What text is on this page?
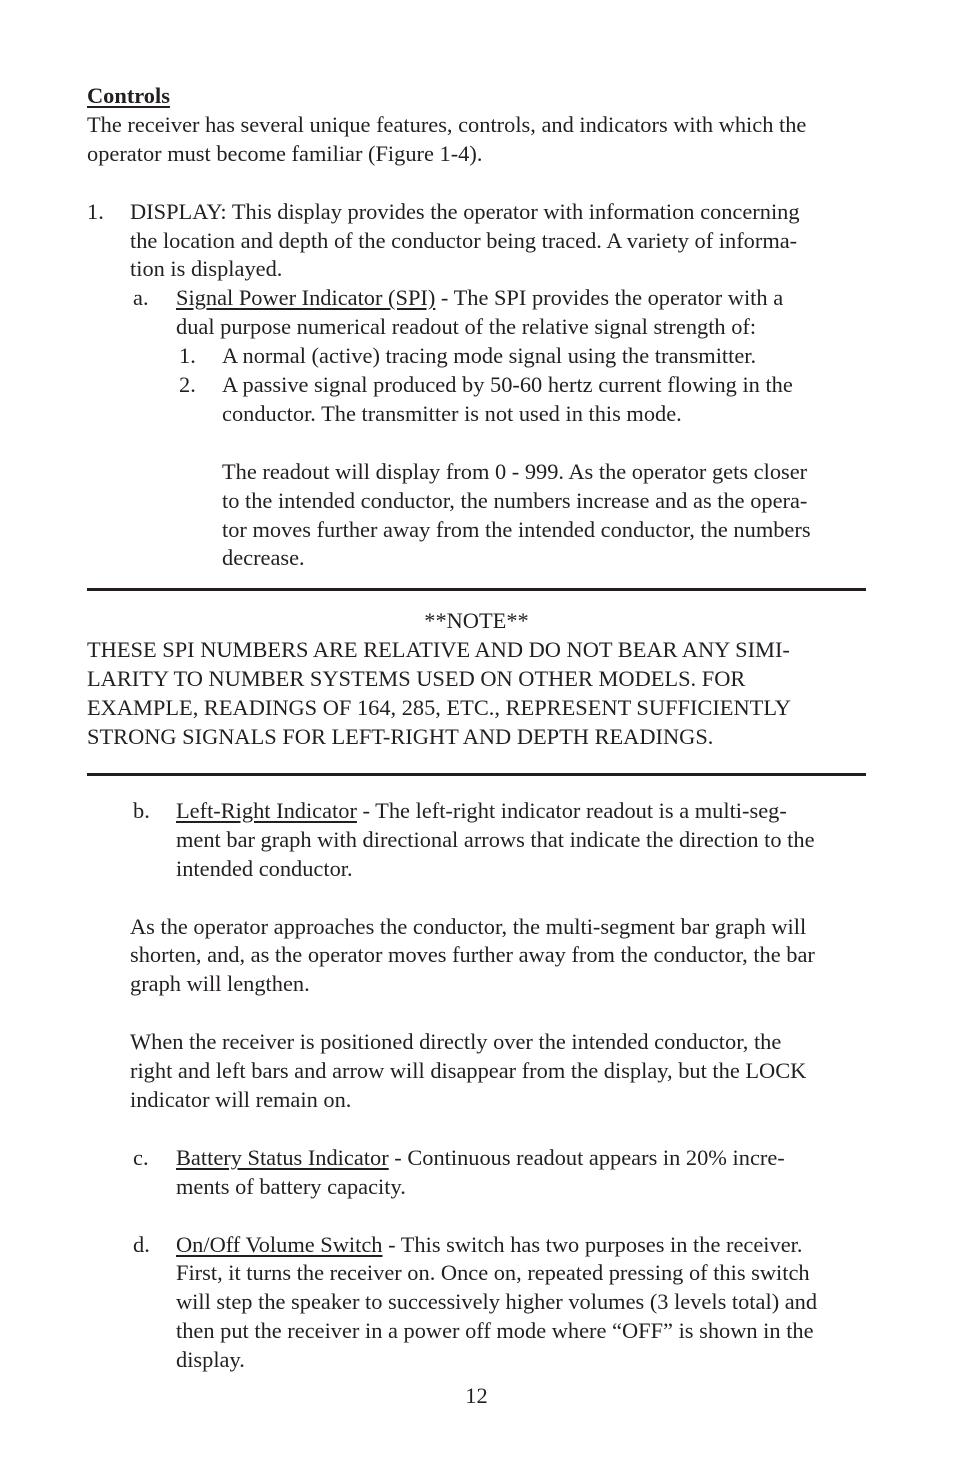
Controls
The receiver has several unique features, controls, and indicators with which the
operator must become familiar (Figure 1-4).
1. DISPLAY: This display provides the operator with information concerning
the location and depth of the conductor being traced. A variety of informa-
tion is displayed.
a. Signal Power Indicator (SPI) - The SPI provides the operator with a
dual purpose numerical readout of the relative signal strength of:
1. A normal (active) tracing mode signal using the transmitter.
2. A passive signal produced by 50-60 hertz current flowing in the
conductor. The transmitter is not used in this mode.
The readout will display from 0 - 999. As the operator gets closer
to the intended conductor, the numbers increase and as the opera-
tor moves further away from the intended conductor, the numbers
decrease.
**NOTE**
THESE SPI NUMBERS ARE RELATIVE AND DO NOT BEAR ANY SIMI-
LARITY TO NUMBER SYSTEMS USED ON OTHER MODELS. FOR
EXAMPLE, READINGS OF 164, 285, ETC., REPRESENT SUFFICIENTLY
STRONG SIGNALS FOR LEFT-RIGHT AND DEPTH READINGS.
b. Left-Right Indicator - The left-right indicator readout is a multi-seg-
ment bar graph with directional arrows that indicate the direction to the
intended conductor.
As the operator approaches the conductor, the multi-segment bar graph will
shorten, and, as the operator moves further away from the conductor, the bar
graph will lengthen.
When the receiver is positioned directly over the intended conductor, the
right and left bars and arrow will disappear from the display, but the LOCK
indicator will remain on.
c. Battery Status Indicator - Continuous readout appears in 20% incre-
ments of battery capacity.
d. On/Off Volume Switch - This switch has two purposes in the receiver.
First, it turns the receiver on. Once on, repeated pressing of this switch
will step the speaker to successively higher volumes (3 levels total) and
then put the receiver in a power off mode where “OFF” is shown in the
display.
12
